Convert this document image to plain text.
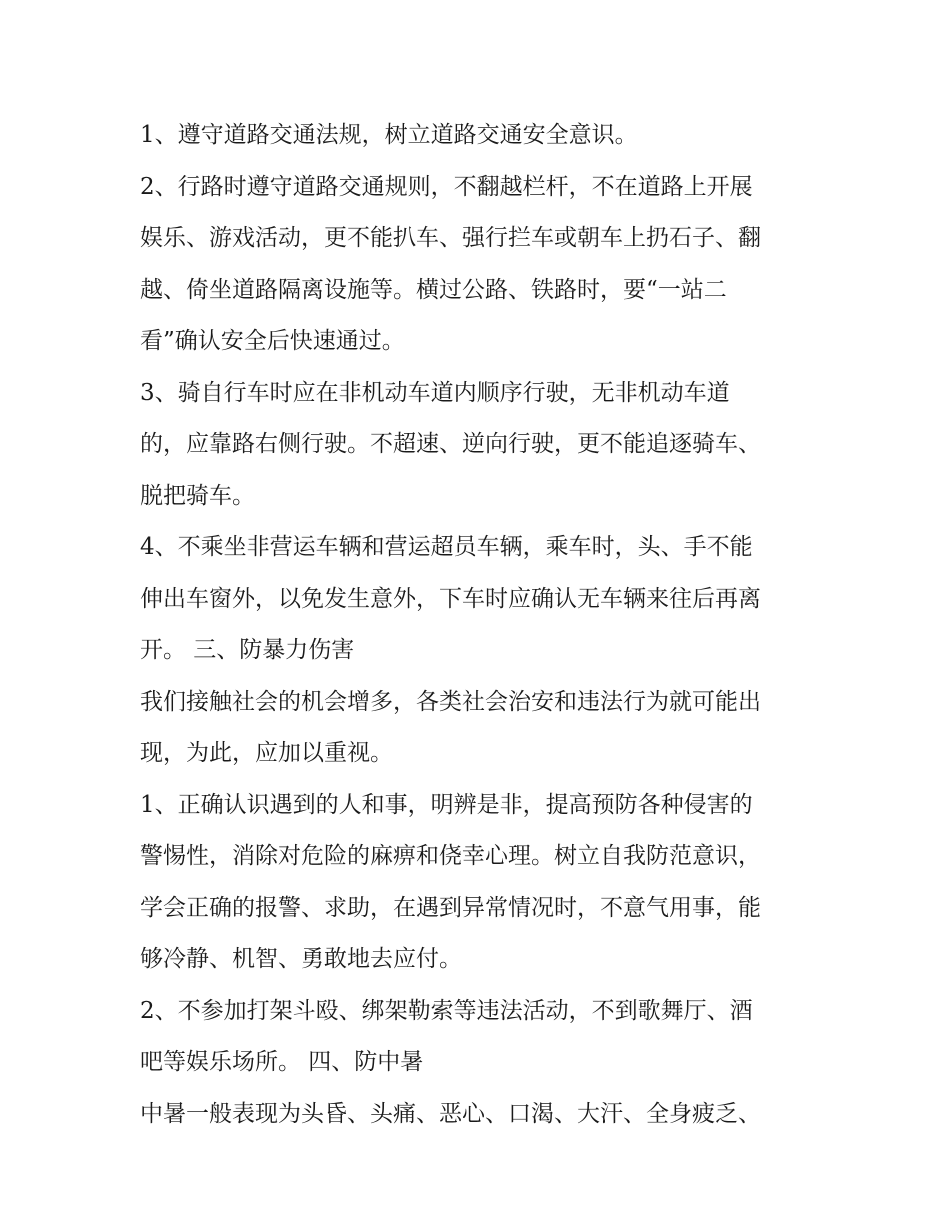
1、遵守道路交通法规，树立道路交通安全意识。
2、行路时遵守道路交通规则，不翻越栏杆，不在道路上开展
娱乐、游戏活动，更不能扒车、强行拦车或朝车上扔石子、翻
越、倚坐道路隔离设施等。横过公路、铁路时，要“一站二
看”确认安全后快速通过。
3、骑自行车时应在非机动车道内顺序行驶，无非机动车道
的，应靠路右侧行驶。不超速、逆向行驶，更不能追逐骑车、
脱把骑车。
4、不乘坐非营运车辆和营运超员车辆，乘车时，头、手不能
伸出车窗外，以免发生意外，下车时应确认无车辆来往后再离
开。 三、防暴力伤害
我们接触社会的机会增多，各类社会治安和违法行为就可能出
现，为此，应加以重视。
1、正确认识遇到的人和事，明辨是非，提高预防各种侵害的
警惕性，消除对危险的麻痹和侥幸心理。树立自我防范意识，
学会正确的报警、求助，在遇到异常情况时，不意气用事，能
够冷静、机智、勇敢地去应付。
2、不参加打架斗殴、绑架勒索等违法活动，不到歌舞厅、酒
吧等娱乐场所。 四、防中暑
中暑一般表现为头昏、头痛、恶心、口渴、大汗、全身疲乏、
